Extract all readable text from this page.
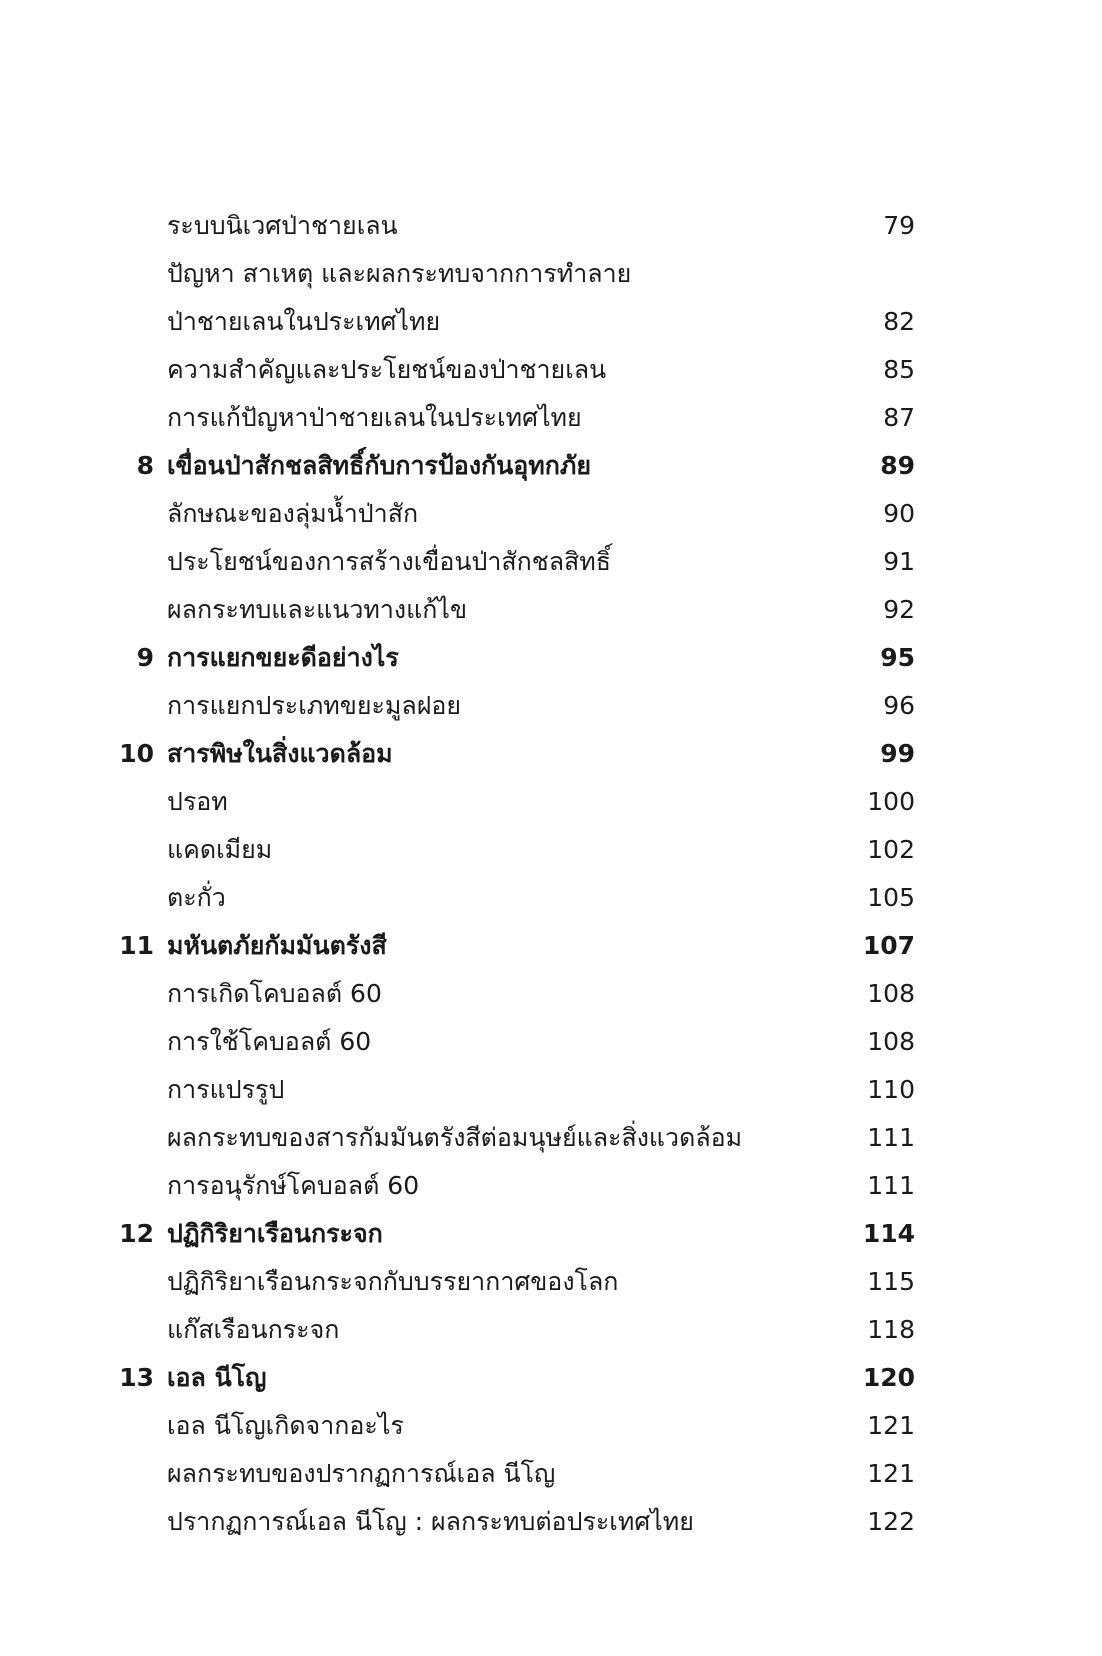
ระบบนิเวศป่าชายเลน	79
ปัญหา สาเหตุ และผลกระทบจากการทำลาย
ป่าชายเลนในประเทศไทย	82
ความสำคัญและประโยชน์ของป่าชายเลน	85
การแก้ปัญหาป่าชายเลนในประเทศไทย	87
8 เขื่อนป่าสักชลสิทธิ์กับการป้องกันอุทกภัย	89
ลักษณะของลุ่มน้ำป่าสัก	90
ประโยชน์ของการสร้างเขื่อนป่าสักชลสิทธิ์	91
ผลกระทบและแนวทางแก้ไข	92
9 การแยกขยะดีอย่างไร	95
การแยกประเภทขยะมูลฝอย	96
10 สารพิษในสิ่งแวดล้อม	99
ปรอท	100
แคดเมียม	102
ตะกั่ว	105
11 มหันตภัยกัมมันตรังสี	107
การเกิดโคบอลต์ 60	108
การใช้โคบอลต์ 60	108
การแปรรูป	110
ผลกระทบของสารกัมมันตรังสีต่อมนุษย์และสิ่งแวดล้อม	111
การอนุรักษ์โคบอลต์ 60	111
12 ปฏิกิริยาเรือนกระจก	114
ปฏิกิริยาเรือนกระจกกับบรรยากาศของโลก	115
แก๊สเรือนกระจก	118
13 เอล นีโญ	120
เอล นีโญเกิดจากอะไร	121
ผลกระทบของปรากฏการณ์เอล นีโญ	121
ปรากฏการณ์เอล นีโญ : ผลกระทบต่อประเทศไทย	122
